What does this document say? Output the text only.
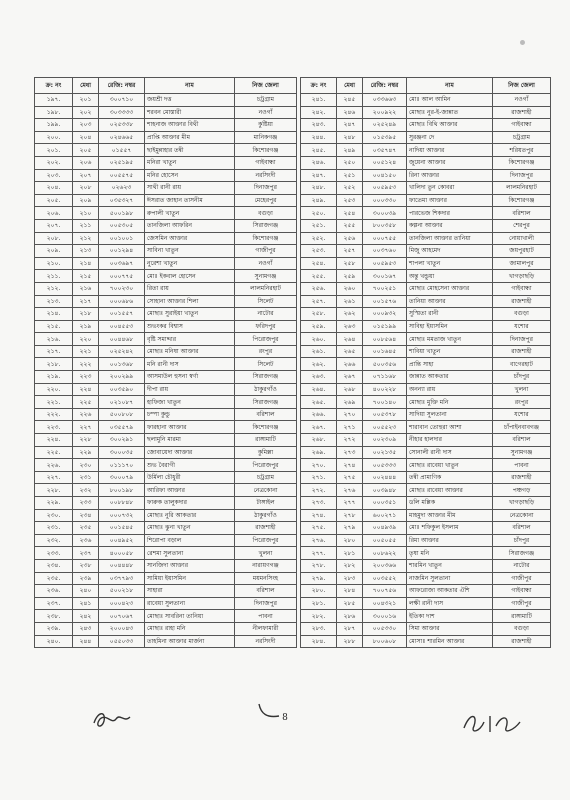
ক্র: নং	মেধা	রেজি: নম্বর	নাম	নিজ জেলা
১৯৭.	২০১	৩০০৭১০	জয়শ্রী দত্ত	চট্রগ্রাম
১৯৮.	২০২	৩০৩৩৩৩	শরবন মোস্তারী	নওগাঁ
১৯৯.	২০৩	০২৫৩৩৮	শাহনাজ আক্তার বিথী	কুষ্টিয়া
২০০.	২০৪	০২৪৬৬৫	প্রাপ্তি আক্তার মীম	মানিকগঞ্জ
২০১.	২০৫	০১৫৫৭	ছাইমুন্নাহার তন্বী	কিশোরগঞ্জ
২০২.	২০৬	০২৫১৯৫	মনিরা খাতুন	গাইবান্ধা
২০৩.	২০৭	০০৫৫৭৫	মনির হোসেন	নরসিংদী
২০৪.	২০৮	০২৬২৩	সাথী রানী রায়	দিনাজপুর
২০৫.	২০৯	০৩৫৩২৭	ঈসরাত জাহান তাসনীম	মেহেরপুর
২০৬.	২১০	৫০০১৯৮	রুপালী খাতুন	বগুড়া
২০৭.	২১১	০০৫৩০৫	তানজিলা আফরিন	সিরাজগঞ্জ
২০৮.	২১২	০০১০০১	জেসমিন আক্তার	কিশোরগঞ্জ
২০৯.	২১৩	০০১২৯৪	সাবিনা খাতুন	গাজীপুর
২১০.	২১৪	০০৩৬৯৭	নুরেশা খাতুন	নওগাঁ
২১১.	২১৫	০০০৭৭৫	মোঃ ইকবাল হোসেন	সুনামগঞ্জ
২১২.	২১৬	৭০০২৩০	রিতা রায়	লালমনিরহাট
২১৩.	২১৭	০০০৬৮৬	সোহানা আক্তার শিলা	সিলেট
২১৪.	২১৮	০০১৫৫৭	মোছাঃ সুরাইয়া খাতুন	নাটোর
২১৫.	২১৯	০০৪৫৫৩	শুভংকর বিশ্বাস	ফরিদপুর
২১৬.	২২০	০০৪৪৬৮	বৃষ্টি সমাদ্দার	পিরোজপুর
২১৭.	২২১	০২৫২৪২	মোছাঃ মনিষা আক্তার	রংপুর
২১৮.	২২২	০০১৩৬৮	মনি রানী দাস	সিলেট
২১৯.	২২৩	২০০২৯৯	আসমাউল হুসনা স্বর্ণা	সিরাজগঞ্জ
২২০.	২২৪	০০৩৫৯০	দীপা রায়	ঠাকুরগাঁও
২২১.	২২৫	০২১০৮৭	হাফিজা খাতুন	সিরাজগঞ্জ
২২২.	২২৬	৫০০৮০৮	চম্পা কুন্ডু	বরিশাল
২২৩.	২২৭	০৩৫৫৭৯	ফারহানা আক্তার	কিশোরগঞ্জ
২২৪.	২২৮	৩০০২৯১	ছলামুনি মারমা	রাঙ্গামাটি
২২৫.	২২৯	৩০০০৩৫	জোবায়েদা আক্তার	কুমিল্লা
২২৬.	২৩০	০১১১৭০	শুভ বৈরাগী	পিরোজপুর
২২৭.	২৩১	৩০০০৭৯	উর্মিলা চৌধুরী	চট্রগ্রাম
২২৮.	২৩২	৮০০১৯৮	আরিফা আক্তার	নেত্রকোনা
২২৯.	২৩৩	০০৮৮৪৮	ফারুক তালুকদার	টাঙ্গাইল
২৩০.	২৩৪	০০০৭৩২	মোছাঃ নুরি আকতার	ঠাকুরগাঁও
২৩১.	২৩৫	০০১৫৪৫	মোছাঃ ঝুনা খাতুন	রাজশাহী
২৩২.	২৩৬	০০৪৯৫২	শিরোপা বড়াল	পিরোজপুর
২৩৩.	২৩৭	৪০০০৫৮	রেশমা সুলতানা	খুলনা
২৩৪.	২৩৮	০০৪৪৪৮	সানজিদা আক্তার	নারায়ণগঞ্জ
২৩৫.	২৩৯	০৩৭৭৯৩	সামিয়া ইয়াসমিন	ময়মনসিংহ
২৩৬.	২৪০	৫০০২১৮	সাহারা	বরিশাল
২৩৭.	২৪১	০০০৪২৩	রাবেয়া সুলতানা	দিনাজপুর
২৩৮.	২৪২	০০৭০৬৭	মোছাঃ সাবরিনা তানিয়া	পাবনা
২৩৯.	২৪৩	২০০০৪৩	মোছাঃ রাহা মনি	নীলফামারী
২৪০.	২৪৪	০৫৫০৩৩	তাহমিনা আক্তার মার্জনা	নরসিংদী
ক্র: নং	মেধা	রেজি: নম্বর	নাম	নিজ জেলা
২৪১.	২৪৫	০৩৩৬৬৩	মোঃ আল আমিন	নওগাঁ
২৪২.	২৪৬	২০০৯২২	মোছাঃ নুর-ই-জান্নাত	রাজশাহী
২৪৩.	২৪৭	০২৫২৪৯	মোছাঃ বিথি আক্তার	গাইবান্ধা
২৪৪.	২৪৮	০১৫৩৯৫	সুরঞ্জনা দে	চট্রগ্রাম
২৪৫.	২৪৯	০৩৫৭৪৭	নাদিয়া আক্তার	শরিয়তপুর
২৪৬.	২৫০	০০৫১২৪	জুয়েনা আক্তার	কিশোরগঞ্জ
২৪৭.	২৫১	০০৪১৫০	রিনা আক্তার	দিনাজপুর
২৪৮.	২৫২	০০৫৯৫৩	খালিদা তুন কোবরা	লালমনিরহাট
২৪৯.	২৫৩	০০০৩৩০	ফাতেমা আক্তার	কিশোরগঞ্জ
২৫০.	২৫৪	৩০০০৩৯	পারভেজ শিকদার	বরিশাল
২৫১.	২৫৫	৮০০৩৫৮	কল্পনা আক্তার	শেরপুর
২৫২.	২৫৬	০০০৭৫৫	তানজিলা আক্তার তানিয়া	নোয়াখালী
২৫৩.	২৫৭	০০৩৭৬০	মিজু আহমেদ	জয়পুরহাট
২৫৪.	২৫৮	০০৫৯৫৩	শাপলা খাতুন	জামালপুর
২৫৫.	২৫৯	৩০০১৬৭	অন্তু খন্ডুয়া	খাগড়াছড়ি
২৫৬.	২৬০	৭০০২৫১	মোছাঃ মোহসেনা আক্তার	গাইবান্ধা
২৫৭.	২৬১	০০১৫৭৬	তানিয়া আক্তার	রাজশাহী
২৫৮.	২৬২	০০০৯৩২	সুস্মিতা রানী	বগুড়া
২৫৯.	২৬৩	০১৫১৯৯	সাবিহা ইয়াসমিন	যশোর
২৬০.	২৬৪	০০৮৫৬৪	মোছাঃ মমতাজ খাতুন	দিনাজপুর
২৬১.	২৬৫	০০১৬৪৫	শাবিয়া খাতুন	রাজশাহী
২৬২.	২৬৬	৫০০৩৫৬	প্রান্তি সাহা	বাগেরহাট
২৬৩.	২৬৭	০৭১১৬৮	জান্নাত আকতার	চাঁদপুর
২৬৪.	২৬৮	৪০০২২৮	অনন্যা রায়	খুলনা
২৬৫.	২৬৯	৭০০১৪০	মোছাঃ মুক্তি মনি	রংপুর
২৬৬.	২৭০	০০৫৩৭৮	সাদিয়া সুলতানা	যশোর
২৬৭.	২৭১	০০৫৫২৩	শারাবান তোহুরা আশা	চাঁপাইনবাবগঞ্জ
২৬৮.	২৭২	০০২৩০৯	নীহার হালদার	বরিশাল
২৬৯.	২৭৩	০০২১৩৫	সোনালী রানী দাস	সুনামগঞ্জ
২৭০.	২৭৪	০০৫৩৩৩	মোছাঃ রাবেয়া খাতুন	পাবনা
২৭১.	২৭৫	০০২৪৪৪	তন্বী প্রামাণিক	রাজশাহী
২৭২.	২৭৬	০০৩৯৪৮	মোছাঃ রাবেয়া আক্তার	পঞ্চগড়
২৭৩.	২৭৭	০০০৩৫১	ডলি মল্লিক	খাগড়াছড়ি
২৭৪.	২৭৮	৬০০২৭১	মাহমুদা আক্তার মীম	নেত্রকোনা
২৭৫.	২৭৯	০০৪৯৩৯	মোঃ শফিকুল ইসলাম	বরিশাল
২৭৬.	২৮০	০০৫০৫৫	রিমা আক্তার	চাঁদপুর
২৭৭.	২৮১	০০৮৬২২	তৃষা মনি	সিরাজগঞ্জ
২৭৮.	২৮২	২০০৩৬৬	শারমিন খাতুন	নাটোর
২৭৯.	২৮৩	০০৩৫৫২	নাজমিন সুলতানা	গাজীপুর
২৮০.	২৮৪	৭০০৭৫৬	আফরোজা আকতার ঐশি	গাইবান্ধা
২৮১.	২৮৫	০০৪৩২১	লক্ষী রানী দাস	গাজীপুর
২৮২.	২৮৬	৩০০০১৬	ইতিকা দাশ	রাঙ্গামাটি
২৮৩.	২৮৭	০০৫৩৩০	সিমা আক্তার	বগুড়া
২৮৪.	২৮৮	৮০০৬০৮	মোসাঃ শারমিন আক্তার	রাজশাহী
8
